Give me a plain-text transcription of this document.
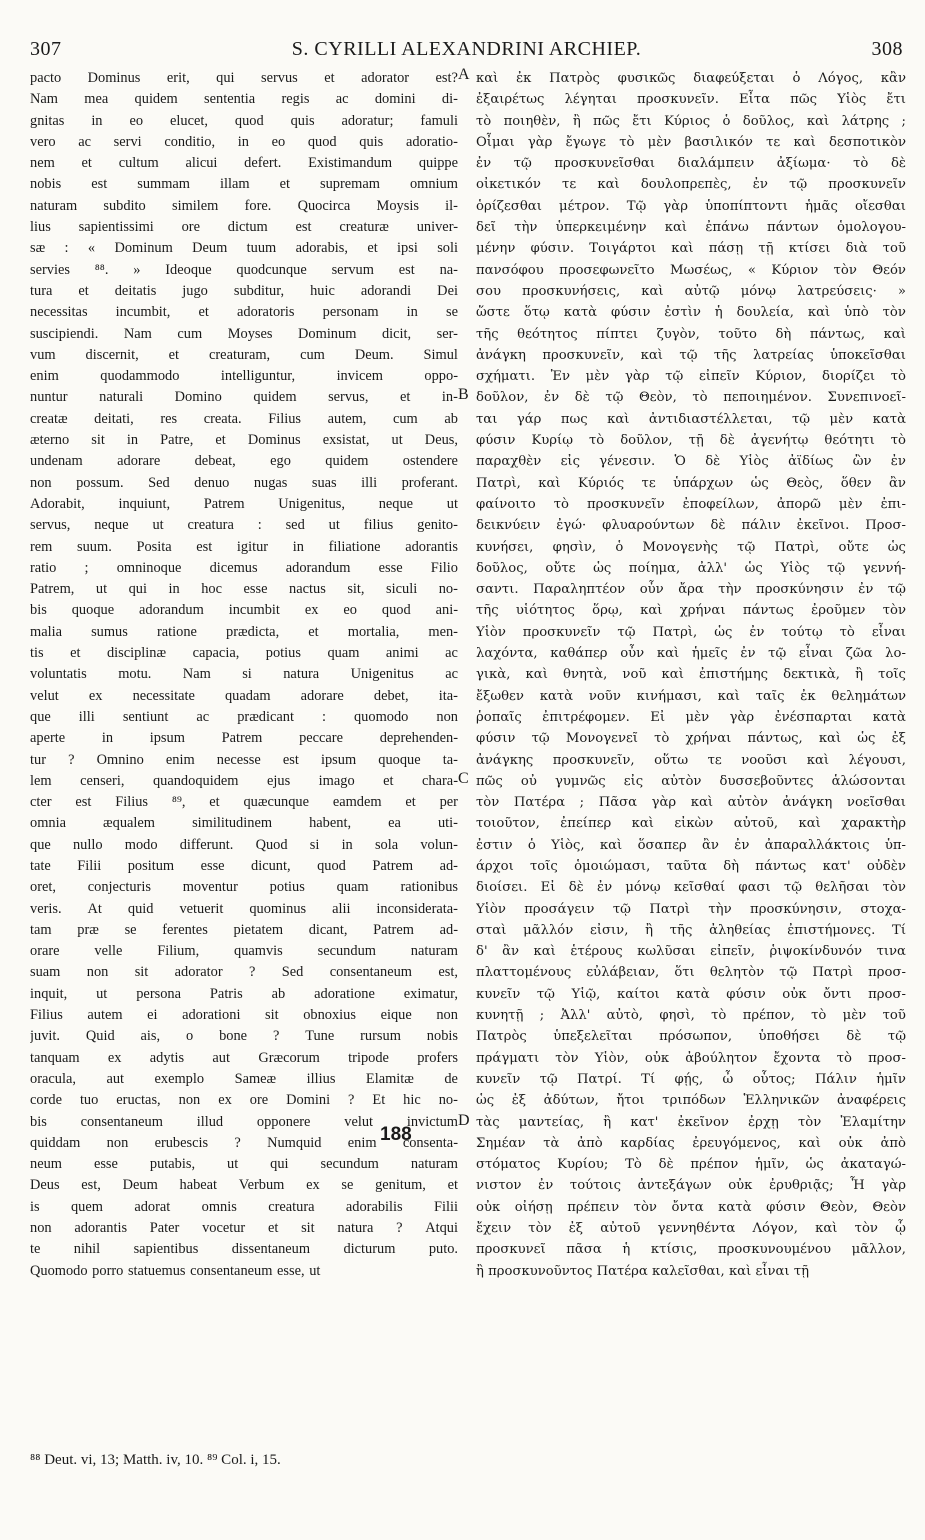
307	S. CYRILLI ALEXANDRINI ARCHIEP.	308
pacto Dominus erit, qui servus et adorator est?
Nam mea quidem sententia regis ac domini di-
gnitas in eo elucet, quod quis adoratur; famuli
vero ac servi conditio, in eo quod quis adoratio-
nem et cultum alicui defert. Existimandum quippe
nobis est summam illam et supremam omnium
naturam subdito similem fore. Quocirca Moysis il-
lius sapientissimi ore dictum est creaturæ univer-
sæ : « Dominum Deum tuum adorabis, et ipsi soli
servies ⁸⁸. » Ideoque quodcunque servum est na-
tura et deitatis jugo subditur, huic adorandi Dei
necessitas incumbit, et adoratoris personam in se
suscipiendi. Nam cum Moyses Dominum dicit, ser-
vum discernit, et creaturam, cum Deum. Simul
enim	quodammodo	intelliguntur,	invicem	oppo-
nuntur naturali Domino quidem servus, et in-
creatæ deitati, res creata. Filius autem, cum ab
æterno sit in Patre, et Dominus exsistat, ut Deus,
undenam adorare debeat, ego quidem ostendere
non possum. Sed denuo nugas suas illi proferant.
Adorabit, inquiunt, Patrem Unigenitus, neque ut
servus, neque ut creatura : sed ut filius genito-
rem suum. Posita est igitur in filiatione adorantis
ratio ; omninoque dicemus adorandum esse Filio
Patrem, ut qui in hoc esse nactus sit, siculi no-
bis quoque adorandum incumbit ex eo quod ani-
malia sumus ratione prædicta, et mortalia, men-
tis et disciplinæ capacia, potius quam animi ac
voluntatis motu. Nam si natura Unigenitus ac
velut ex necessitate quadam adorare debet, ita-
que illi sentiunt ac prædicant : quomodo non
aperte	in	ipsum	Patrem	peccare	deprehenden-
tur ? Omnino enim necesse est ipsum quoque ta-
lem censeri, quandoquidem ejus imago et chara-
cter est Filius ⁸⁹, et quæcunque eamdem et per
omnia	æqualem	similitudinem	habent,	ea	uti-
que nullo modo differunt. Quod si in sola volun-
tate Filii positum esse dicunt, quod Patrem ad-
oret, conjecturis moventur potius quam rationibus
veris. At quid vetuerit quominus alii inconsiderata-
tam præ se ferentes pietatem dicant, Patrem ad-
orare velle Filium, quamvis secundum naturam
suam non sit adorator ? Sed consentaneum est,
inquit, ut persona Patris ab adoratione eximatur,
Filius autem ei adorationi sit obnoxius eique non
juvit. Quid ais, o bone ? Tune rursum nobis
tanquam ex adytis aut Græcorum tripode profers
oracula, aut exemplo Sameæ illius Elamitæ de
corde tuo eructas, non ex ore Domini ? Et hic no-
bis consentaneum illud opponere velut invictum
quiddam non erubescis ? Numquid enim consenta-
neum esse putabis, ut qui secundum naturam
Deus est, Deum habeat Verbum ex se genitum, et
is quem adorat omnis creatura adorabilis Filii
non adorantis Pater vocetur et sit natura ? Atqui
te nihil sapientibus dissentaneum dicturum puto.
Quomodo porro statuemus consentaneum esse, ut
καὶ ἐκ Πατρὸς φυσικῶς διαφεύξεται ὁ Λόγος, κἂν
ἐξαιρέτως λέγηται προσκυνεῖν. Εἶτα πῶς Υἱὸς ἔτι
τὸ ποιηθὲν, ἢ πῶς ἔτι Κύριος ὁ δοῦλος, καὶ λάτρης ;
Οἶμαι γὰρ ἔγωγε τὸ μὲν βασιλικόν τε καὶ δεσποτικὸν
ἐν τῷ προσκυνεῖσθαι διαλάμπειν ἀξίωμα· τὸ δὲ
οἰκετικόν τε καὶ δουλοπρεπὲς, ἐν τῷ προσκυνεῖν
ὁρίζεσθαι μέτρον. Τῷ γὰρ ὑποπίπτοντι ἡμᾶς οἴεσθαι
δεῖ τὴν ὑπερκειμένην καὶ ἐπάνω πάντων ὁμολογου-
μένην φύσιν. Τοιγάρτοι καὶ πάσῃ τῇ κτίσει διὰ τοῦ
πανσόφου προσεφωνεῖτο Μωσέως, « Κύριον τὸν Θεόν
σου προσκυνήσεις, καὶ αὐτῷ μόνῳ λατρεύσεις· »
ὥστε ὅτῳ κατὰ φύσιν ἐστὶν ἡ δουλεία, καὶ ὑπὸ τὸν
τῆς θεότητος πίπτει ζυγὸν, τοῦτο δὴ πάντως, καὶ
ἀνάγκη προσκυνεῖν, καὶ τῷ τῆς λατρείας ὑποκεῖσθαι
σχήματι. Ἐν μὲν γὰρ τῷ εἰπεῖν Κύριον, διορίζει τὸ
δοῦλον, ἐν δὲ τῷ Θεὸν, τὸ πεποιημένον. Συνεπινοεῖ-
ται γάρ πως καὶ ἀντιδιαστέλλεται, τῷ μὲν κατὰ
φύσιν Κυρίῳ τὸ δοῦλον, τῇ δὲ ἀγενήτῳ θεότητι τὸ
παραχθὲν εἰς γένεσιν. Ὁ δὲ Υἱὸς ἀϊδίως ὢν ἐν
Πατρὶ, καὶ Κύριός τε ὑπάρχων ὡς Θεὸς, ὅθεν ἂν
φαίνοιτο τὸ προσκυνεῖν ἐποφείλων, ἀπορῶ μὲν ἐπι-
δεικνύειν ἐγώ· φλυαρούντων δὲ πάλιν ἐκεῖνοι. Προσ-
κυνήσει, φησὶν, ὁ Μονογενὴς τῷ Πατρὶ, οὔτε ὡς
δοῦλος, οὔτε ὡς ποίημα, ἀλλ' ὡς Υἱὸς τῷ γεννή-
σαντι. Παραληπτέον οὖν ἄρα τὴν προσκύνησιν ἐν τῷ
τῆς υἱότητος ὅρῳ, καὶ χρήναι πάντως ἐροῦμεν τὸν
Υἱὸν προσκυνεῖν τῷ Πατρὶ, ὡς ἐν τούτῳ τὸ εἶναι
λαχόντα, καθάπερ οὖν καὶ ἡμεῖς ἐν τῷ εἶναι ζῶα λο-
γικὰ, καὶ θνητὰ, νοῦ καὶ ἐπιστήμης δεκτικὰ, ἢ τοῖς
ἔξωθεν κατὰ νοῦν κινήμασι, καὶ ταῖς ἐκ θελημάτων
ῥοπαῖς ἐπιτρέφομεν. Εἰ μὲν γὰρ ἐνέσπαρται κατὰ
φύσιν τῷ Μονογενεῖ τὸ χρήναι πάντως, καὶ ὡς ἐξ
ἀνάγκης προσκυνεῖν, οὕτω τε νοοῦσι καὶ λέγουσι,
πῶς οὐ γυμνῶς εἰς αὐτὸν δυσσεβοῦντες ἁλώσονται
τὸν Πατέρα ; Πᾶσα γὰρ καὶ αὐτὸν ἀνάγκη νοεῖσθαι
τοιοῦτον, ἐπείπερ καὶ εἰκὼν αὐτοῦ, καὶ χαρακτὴρ
ἐστιν ὁ Υἱὸς, καὶ ὅσαπερ ἂν ἐν ἀπαραλλάκτοις ὑπ-
άρχοι τοῖς ὁμοιώμασι, ταῦτα δὴ πάντως κατ' οὐδὲν
διοίσει. Εἰ δὲ ἐν μόνῳ κεῖσθαί φασι τῷ θελῆσαι τὸν
Υἱὸν προσάγειν τῷ Πατρὶ τὴν προσκύνησιν, στοχα-
σταὶ μᾶλλόν εἰσιν, ἢ τῆς ἀληθείας ἐπιστήμονες. Τί
δ' ἂν καὶ ἑτέρους κωλῦσαι εἰπεῖν, ῥιψοκίνδυνόν τινα
πλαττομένους εὐλάβειαν, ὅτι θελητὸν τῷ Πατρὶ προσ-
κυνεῖν τῷ Υἱῷ, καίτοι κατὰ φύσιν οὐκ ὄντι προσ-
κυνητῇ ; Ἀλλ' αὐτὸ, φησὶ, τὸ πρέπον, τὸ μὲν τοῦ
Πατρὸς ὑπεξελεῖται πρόσωπον, ὑποθήσει δὲ τῷ
πράγματι τὸν Υἱὸν, οὐκ ἀβούλητον ἔχοντα τὸ προσ-
κυνεῖν τῷ Πατρί. Τί φῄς, ὦ οὗτος; Πάλιν ἡμῖν
ὡς ἐξ ἀδύτων, ἤτοι τριπόδων Ἑλληνικῶν ἀναφέρεις
τὰς μαντείας, ἢ κατ' ἐκεῖνον ἐρχῃ τὸν Ἐλαμίτην
Σημέαν τὰ ἀπὸ καρδίας ἐρευγόμενος, καὶ οὐκ ἀπὸ
στόματος Κυρίου; Τὸ δὲ πρέπον ἡμῖν, ὡς ἀκαταγώ-
νιστον ἐν τούτοις ἀντεξάγων οὐκ ἐρυθριᾷς; Ἦ γὰρ
οὐκ οἰήσῃ πρέπειν τὸν ὄντα κατὰ φύσιν Θεὸν, Θεὸν
ἔχειν τὸν ἐξ αὐτοῦ γεννηθέντα Λόγον, καὶ τὸν ᾧ
προσκυνεῖ πᾶσα ἡ κτίσις, προσκυνουμένου μᾶλλον,
ἢ προσκυνοῦντος Πατέρα καλεῖσθαι, καὶ εἶναι τῇ
A
B
C
D
188
⁸⁸ Deut. vi, 13; Matth. iv, 10. ⁸⁹ Col. i, 15.
